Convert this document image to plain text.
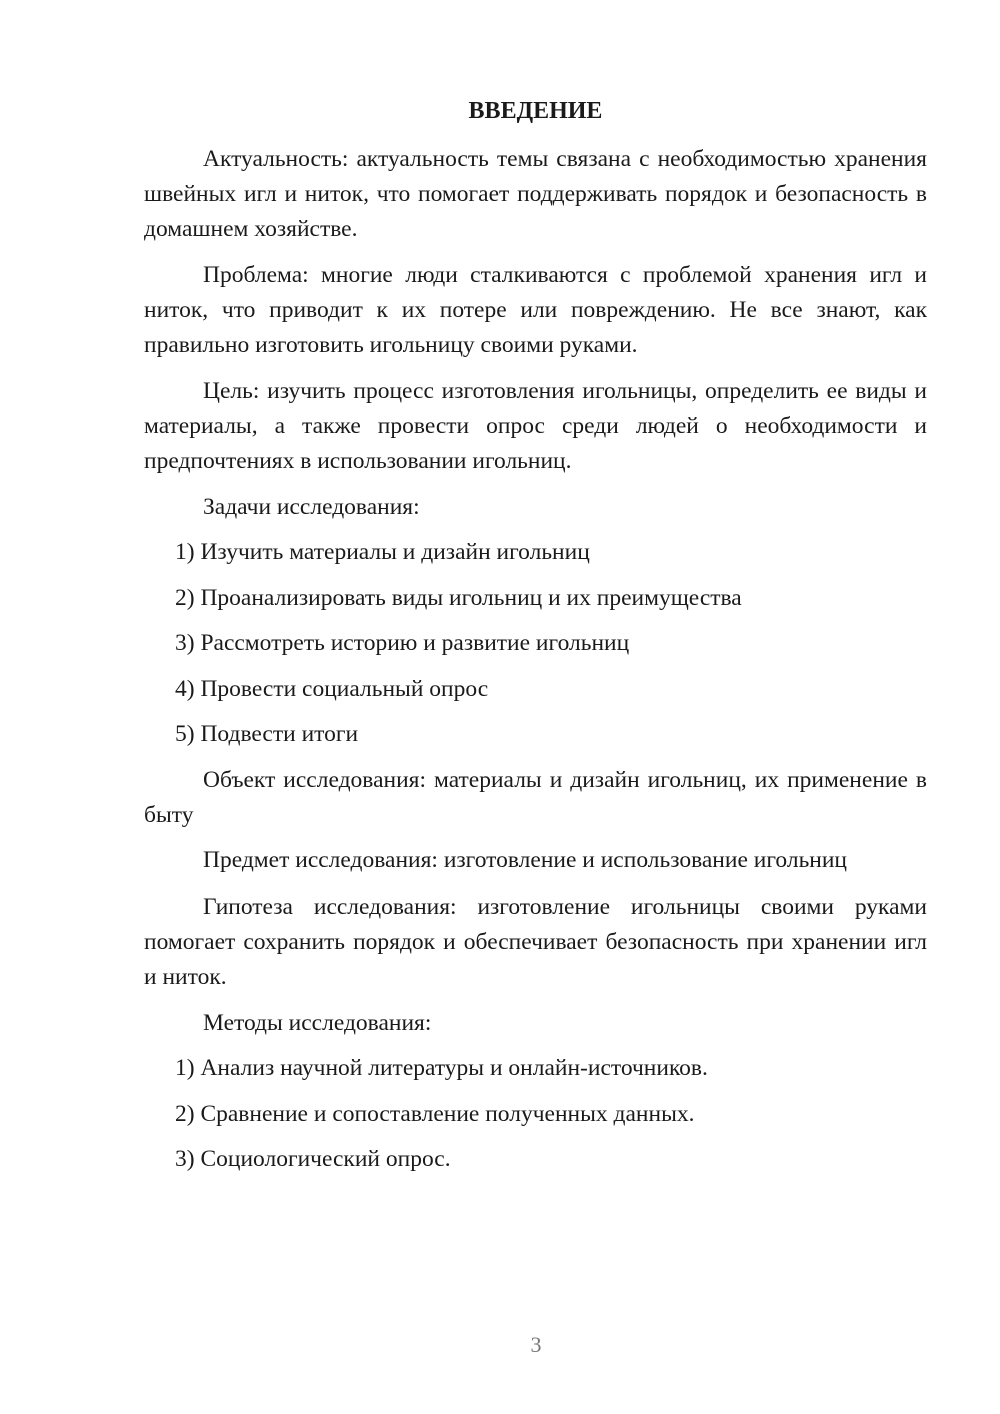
ВВЕДЕНИЕ

Актуальность: актуальность темы связана с необходимостью хранения швейных игл и ниток, что помогает поддерживать порядок и безопасность в домашнем хозяйстве.

Проблема: многие люди сталкиваются с проблемой хранения игл и ниток, что приводит к их потере или повреждению. Не все знают, как правильно изготовить игольницу своими руками.

Цель: изучить процесс изготовления игольницы, определить ее виды и материалы, а также провести опрос среди людей о необходимости и предпочтениях в использовании игольниц.

Задачи исследования:

1) Изучить материалы и дизайн игольниц

2) Проанализировать виды игольниц и их преимущества

3) Рассмотреть историю и развитие игольниц

4) Провести социальный опрос

5) Подвести итоги

Объект исследования: материалы и дизайн игольниц, их применение в быту

Предмет исследования: изготовление и использование игольниц

Гипотеза исследования: изготовление игольницы своими руками помогает сохранить порядок и обеспечивает безопасность при хранении игл и ниток.

Методы исследования:

1) Анализ научной литературы и онлайн-источников.

2) Сравнение и сопоставление полученных данных.

3) Социологический опрос.

3
